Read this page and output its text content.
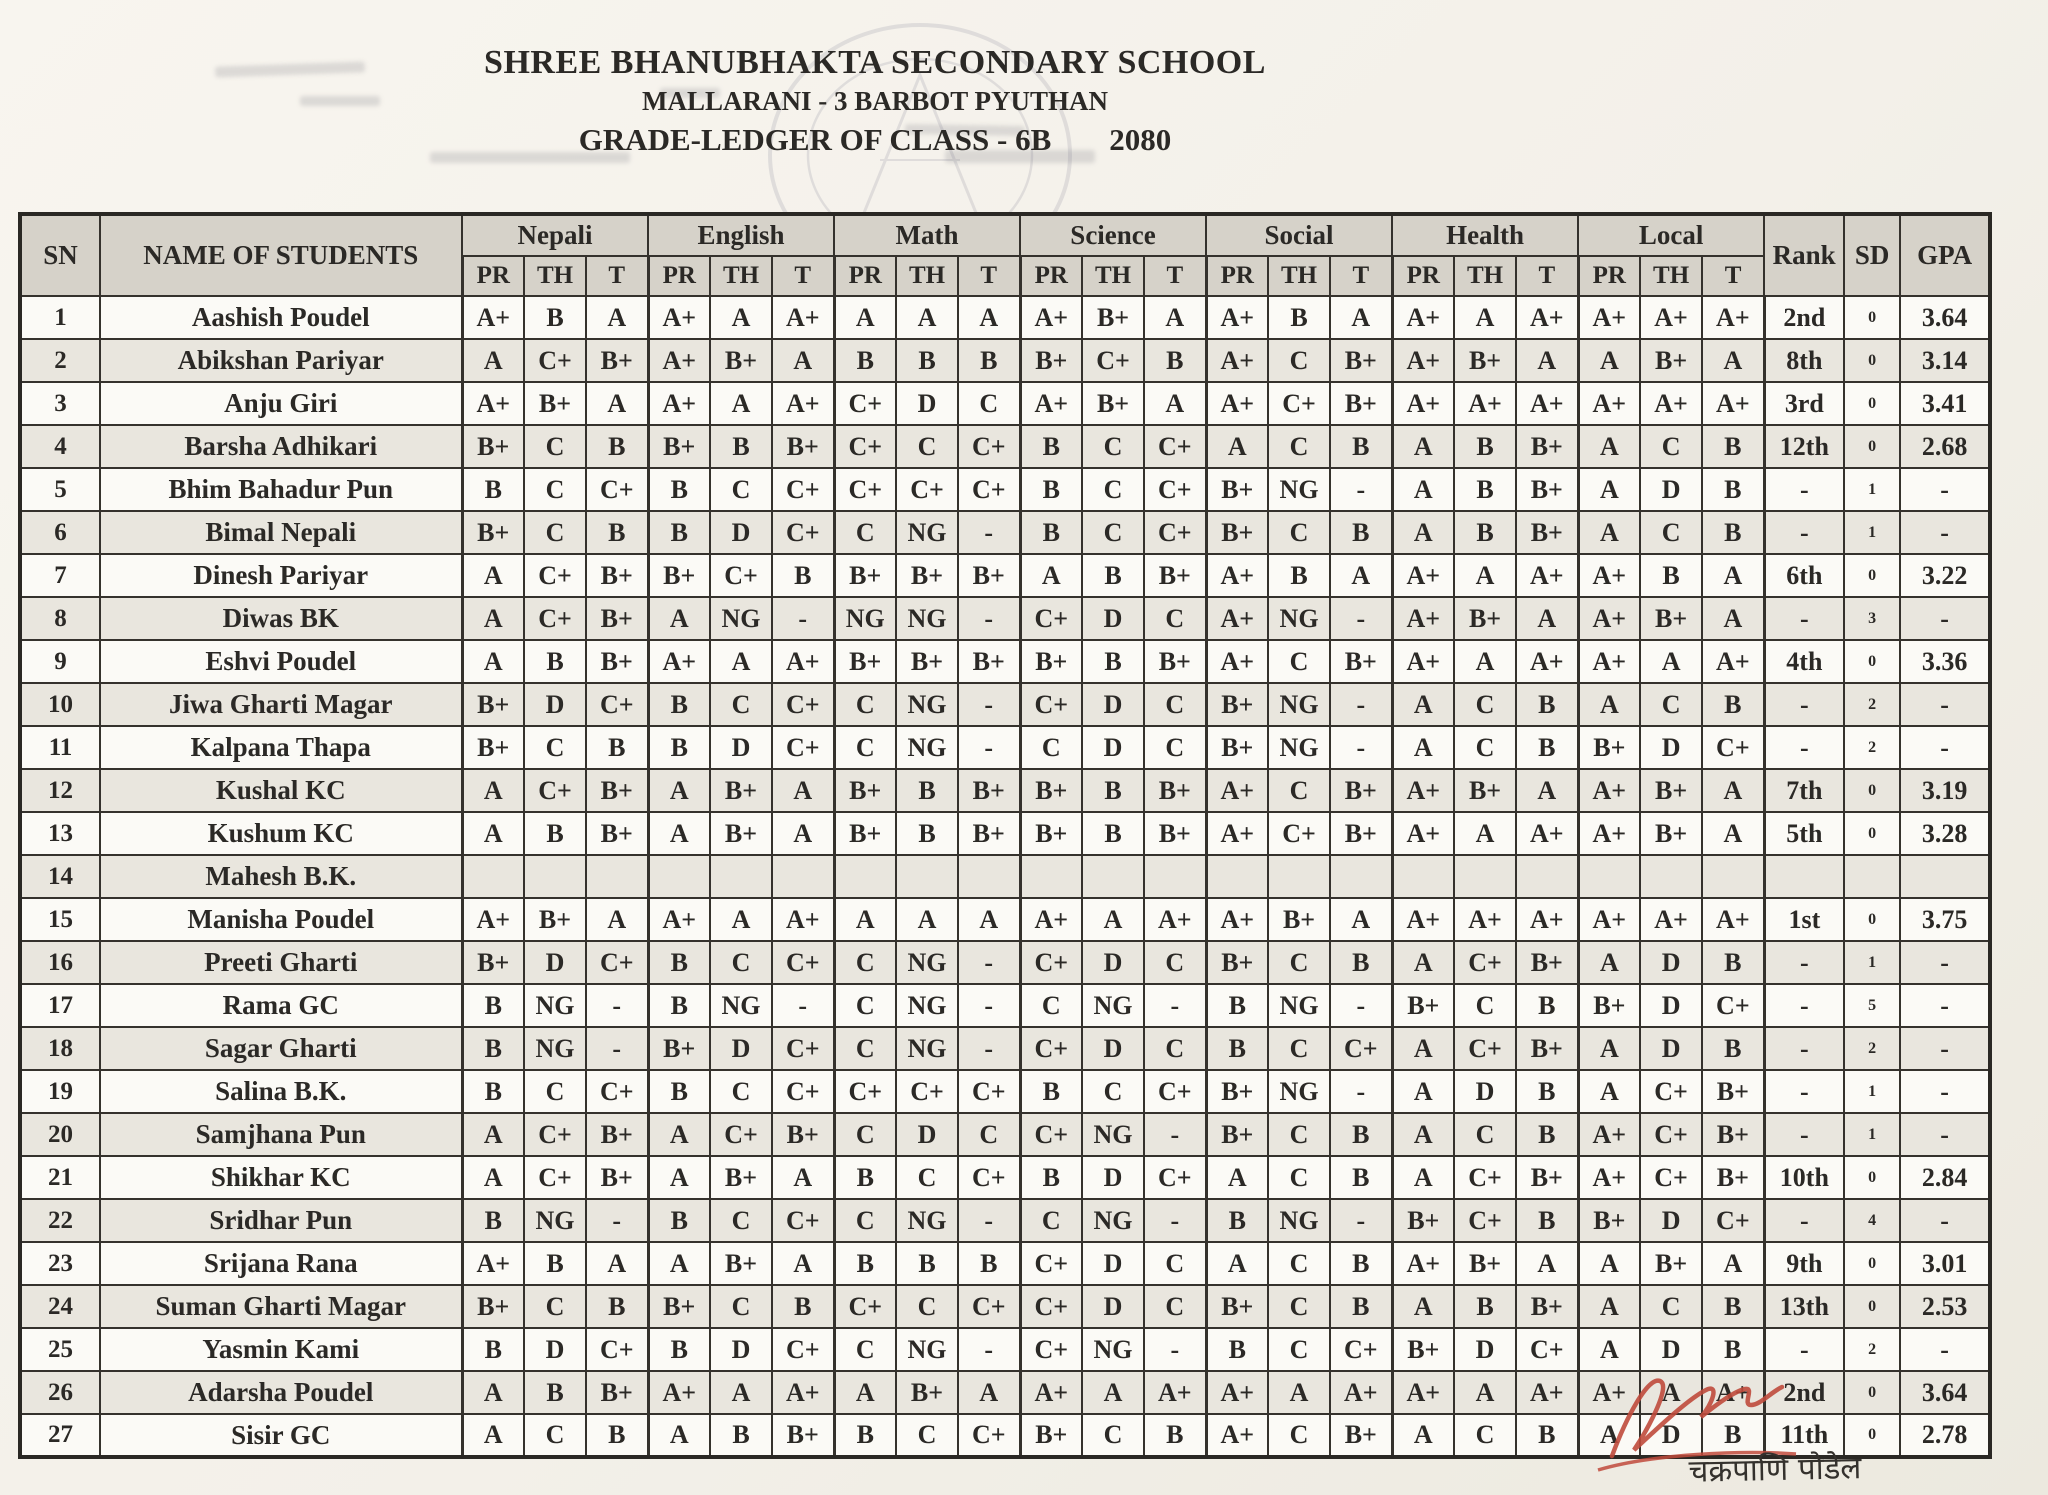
SHREE BHANUBHAKTA SECONDARY SCHOOL
MALLARANI - 3 BARBOT PYUTHAN
GRADE-LEDGER OF CLASS - 6B 2080
SN	NAME OF STUDENTS	Nepali			English			Math			Science			Social			Health			Local			Rank	SD	GPA
		PR	TH	T	PR	TH	T	PR	TH	T	PR	TH	T	PR	TH	T	PR	TH	T	PR	TH	T			
1	Aashish Poudel	A+	B	A	A+	A	A+	A	A	A	A+	B+	A	A+	B	A	A+	A	A+	A+	A+	A+	2nd	0	3.64
2	Abikshan Pariyar	A	C+	B+	A+	B+	A	B	B	B	B+	C+	B	A+	C	B+	A+	B+	A	A	B+	A	8th	0	3.14
3	Anju Giri	A+	B+	A	A+	A	A+	C+	D	C	A+	B+	A	A+	C+	B+	A+	A+	A+	A+	A+	A+	3rd	0	3.41
4	Barsha Adhikari	B+	C	B	B+	B	B+	C+	C	C+	B	C	C+	A	C	B	A	B	B+	A	C	B	12th	0	2.68
5	Bhim Bahadur Pun	B	C	C+	B	C	C+	C+	C+	C+	B	C	C+	B+	NG	-	A	B	B+	A	D	B	-	1	-
6	Bimal Nepali	B+	C	B	B	D	C+	C	NG	-	B	C	C+	B+	C	B	A	B	B+	A	C	B	-	1	-
7	Dinesh Pariyar	A	C+	B+	B+	C+	B	B+	B+	B+	A	B	B+	A+	B	A	A+	A	A+	A+	B	A	6th	0	3.22
8	Diwas BK	A	C+	B+	A	NG	-	NG	NG	-	C+	D	C	A+	NG	-	A+	B+	A	A+	B+	A	-	3	-
9	Eshvi Poudel	A	B	B+	A+	A	A+	B+	B+	B+	B+	B	B+	A+	C	B+	A+	A	A+	A+	A	A+	4th	0	3.36
10	Jiwa Gharti Magar	B+	D	C+	B	C	C+	C	NG	-	C+	D	C	B+	NG	-	A	C	B	A	C	B	-	2	-
11	Kalpana Thapa	B+	C	B	B	D	C+	C	NG	-	C	D	C	B+	NG	-	A	C	B	B+	D	C+	-	2	-
12	Kushal KC	A	C+	B+	A	B+	A	B+	B	B+	B+	B	B+	A+	C	B+	A+	B+	A	A+	B+	A	7th	0	3.19
13	Kushum KC	A	B	B+	A	B+	A	B+	B	B+	B+	B	B+	A+	C+	B+	A+	A	A+	A+	B+	A	5th	0	3.28
14	Mahesh B.K.																								
15	Manisha Poudel	A+	B+	A	A+	A	A+	A	A	A	A+	A	A+	A+	B+	A	A+	A+	A+	A+	A+	A+	1st	0	3.75
16	Preeti Gharti	B+	D	C+	B	C	C+	C	NG	-	C+	D	C	B+	C	B	A	C+	B+	A	D	B	-	1	-
17	Rama GC	B	NG	-	B	NG	-	C	NG	-	C	NG	-	B	NG	-	B+	C	B	B+	D	C+	-	5	-
18	Sagar Gharti	B	NG	-	B+	D	C+	C	NG	-	C+	D	C	B	C	C+	A	C+	B+	A	D	B	-	2	-
19	Salina B.K.	B	C	C+	B	C	C+	C+	C+	C+	B	C	C+	B+	NG	-	A	D	B	A	C+	B+	-	1	-
20	Samjhana Pun	A	C+	B+	A	C+	B+	C	D	C	C+	NG	-	B+	C	B	A	C	B	A+	C+	B+	-	1	-
21	Shikhar KC	A	C+	B+	A	B+	A	B	C	C+	B	D	C+	A	C	B	A	C+	B+	A+	C+	B+	10th	0	2.84
22	Sridhar Pun	B	NG	-	B	C	C+	C	NG	-	C	NG	-	B	NG	-	B+	C+	B	B+	D	C+	-	4	-
23	Srijana Rana	A+	B	A	A	B+	A	B	B	B	C+	D	C	A	C	B	A+	B+	A	A	B+	A	9th	0	3.01
24	Suman Gharti Magar	B+	C	B	B+	C	B	C+	C	C+	C+	D	C	B+	C	B	A	B	B+	A	C	B	13th	0	2.53
25	Yasmin Kami	B	D	C+	B	D	C+	C	NG	-	C+	NG	-	B	C	C+	B+	D	C+	A	D	B	-	2	-
26	Adarsha Poudel	A	B	B+	A+	A	A+	A	B+	A	A+	A	A+	A+	A	A+	A+	A	A+	A+	A	A+	2nd	0	3.64
27	Sisir GC	A	C	B	A	B	B+	B	C	C+	B+	C	B	A+	C	B+	A	C	B	A	D	B	11th	0	2.78
चक्रपाणि पौडेल
